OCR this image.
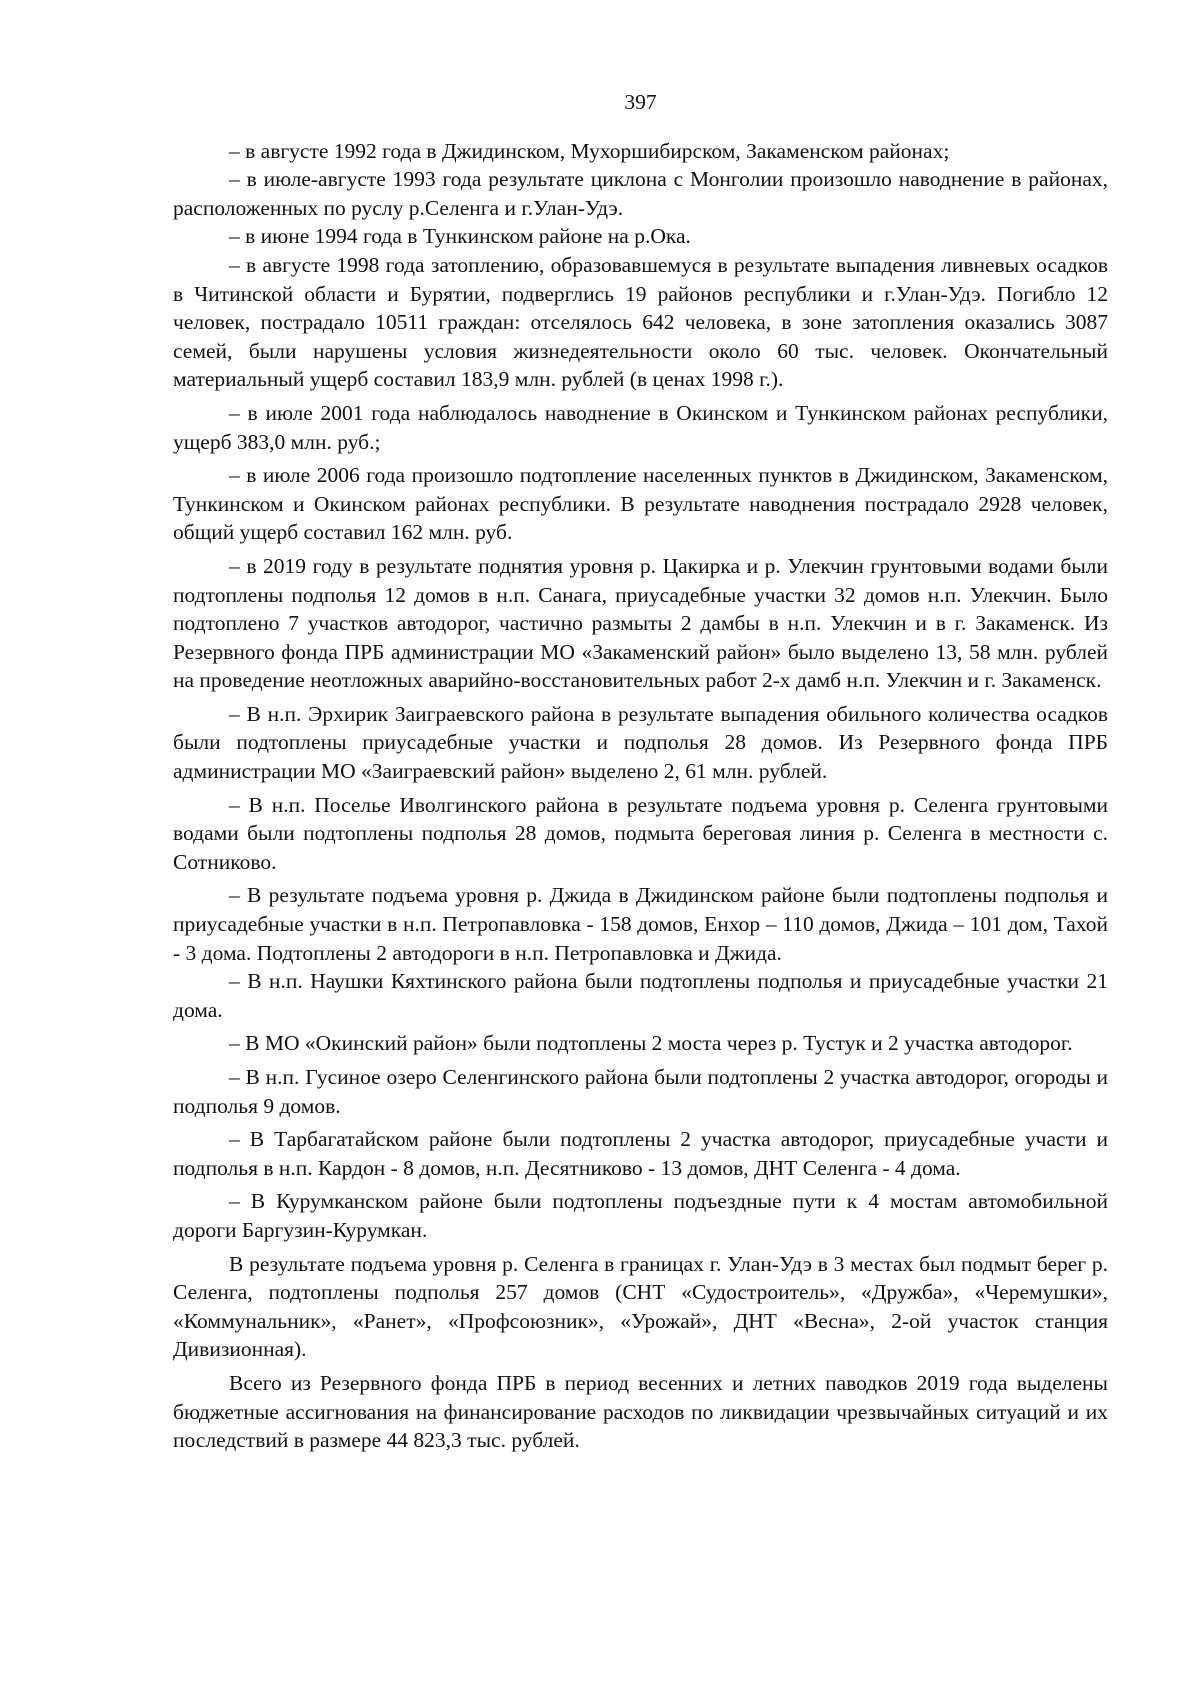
397

– в августе 1992 года в Джидинском, Мухоршибирском, Закаменском районах;

– в июле-августе 1993 года результате циклона с Монголии произошло наводнение в районах, расположенных по руслу р.Селенга и г.Улан-Удэ.

– в июне 1994 года в Тункинском районе на р.Ока.

– в августе 1998 года затоплению, образовавшемуся в результате выпадения ливневых осадков в Читинской области и Бурятии, подверглись 19 районов республики и г.Улан-Удэ. Погибло 12 человек, пострадало 10511 граждан: отселялось 642 человека, в зоне затопления оказались 3087 семей, были нарушены условия жизнедеятельности около 60 тыс. человек. Окончательный материальный ущерб составил 183,9 млн. рублей (в ценах 1998 г.).

– в июле 2001 года наблюдалось наводнение в Окинском и Тункинском районах республики, ущерб 383,0 млн. руб.;

– в июле 2006 года произошло подтопление населенных пунктов в Джидинском, Закаменском, Тункинском и Окинском районах республики. В результате наводнения пострадало 2928 человек, общий ущерб составил 162 млн. руб.

– в 2019 году в результате поднятия уровня р. Цакирка и р. Улекчин грунтовыми водами были подтоплены подполья 12 домов в н.п. Санага, приусадебные участки 32 домов н.п. Улекчин. Было подтоплено 7 участков автодорог, частично размыты 2 дамбы в н.п. Улекчин и в г. Закаменск. Из Резервного фонда ПРБ администрации МО «Закаменский район» было выделено 13, 58 млн. рублей на проведение неотложных аварийно-восстановительных работ 2-х дамб н.п. Улекчин и г. Закаменск.

– В н.п. Эрхирик Заиграевского района в результате выпадения обильного количества осадков были подтоплены приусадебные участки и подполья 28 домов. Из Резервного фонда ПРБ администрации МО «Заиграевский район» выделено 2, 61 млн. рублей.

– В н.п. Поселье Иволгинского района в результате подъема уровня р. Селенга грунтовыми водами были подтоплены подполья 28 домов, подмыта береговая линия р. Селенга в местности с. Сотниково.

– В результате подъема уровня р. Джида в Джидинском районе были подтоплены подполья и приусадебные участки в н.п. Петропавловка - 158 домов, Енхор – 110 домов, Джида – 101 дом, Тахой - 3 дома. Подтоплены 2 автодороги в н.п. Петропавловка и Джида.

– В н.п. Наушки Кяхтинского района были подтоплены подполья и приусадебные участки 21 дома.

– В МО «Окинский район» были подтоплены 2 моста через р. Тустук и 2 участка автодорог.

– В н.п. Гусиное озеро Селенгинского района были подтоплены 2 участка автодорог, огороды и подполья 9 домов.

– В Тарбагатайском районе были подтоплены 2 участка автодорог, приусадебные участи и подполья в н.п. Кардон - 8 домов, н.п. Десятниково - 13 домов, ДНТ Селенга - 4 дома.

– В Курумканском районе были подтоплены подъездные пути к 4 мостам автомобильной дороги Баргузин-Курумкан.

В результате подъема уровня р. Селенга в границах г. Улан-Удэ в 3 местах был подмыт берег р. Селенга, подтоплены подполья 257 домов (СНТ «Судостроитель», «Дружба», «Черемушки», «Коммунальник», «Ранет», «Профсоюзник», «Урожай», ДНТ «Весна», 2-ой участок станция Дивизионная).

Всего из Резервного фонда ПРБ в период весенних и летних паводков 2019 года выделены бюджетные ассигнования на финансирование расходов по ликвидации чрезвычайных ситуаций и их последствий в размере 44 823,3 тыс. рублей.
